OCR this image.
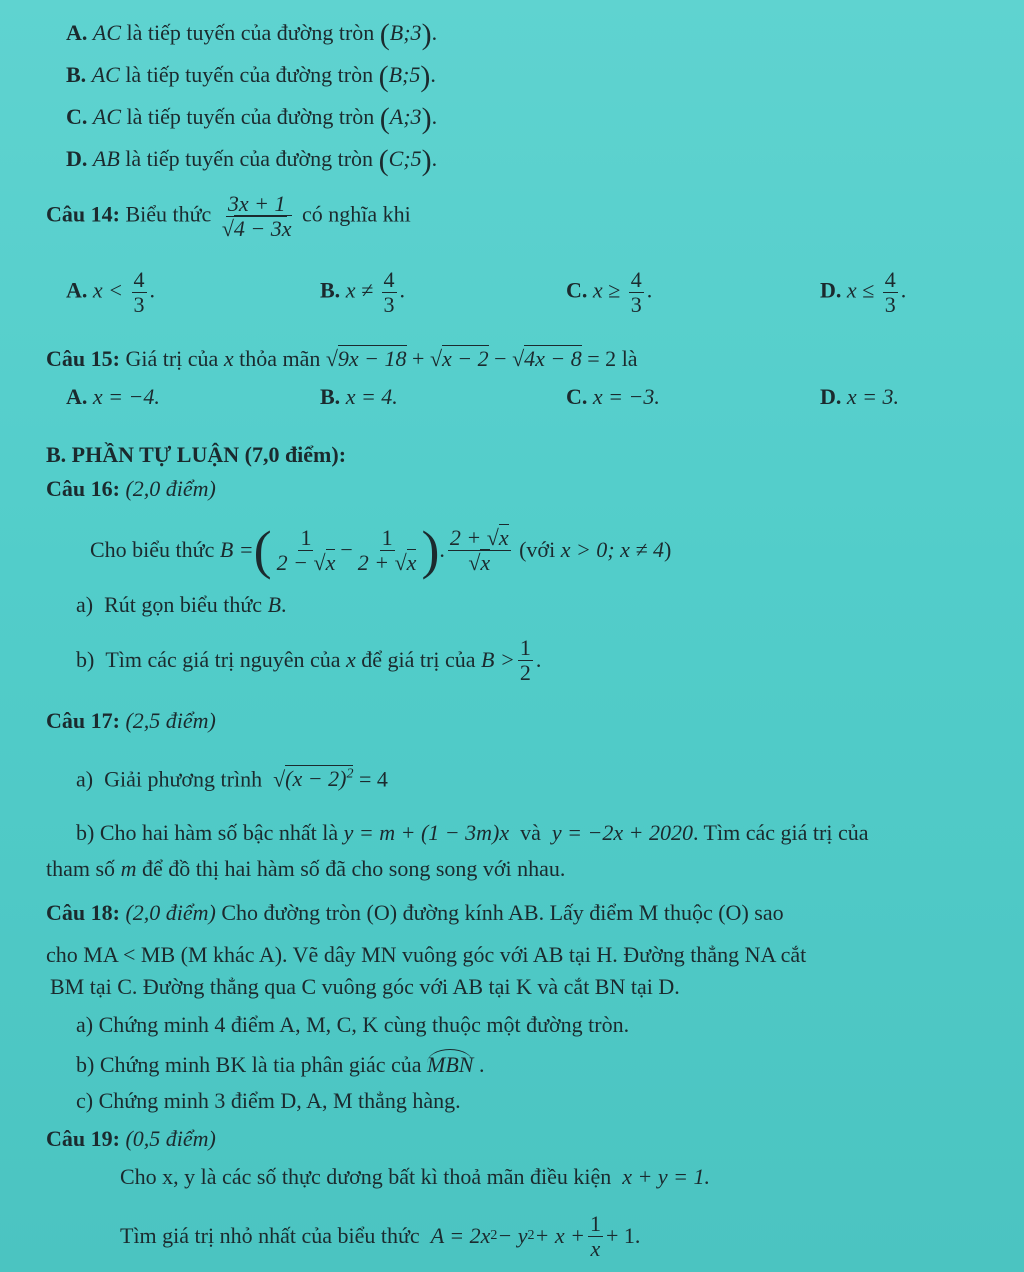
A. AC là tiếp tuyến của đường tròn (B;3).
B. AC là tiếp tuyến của đường tròn (B;5).
C. AC là tiếp tuyến của đường tròn (A;3).
D. AB là tiếp tuyến của đường tròn (C;5).
Câu 14: Biểu thức $\frac{3x + 1}{√4 - 3x}$ có nghĩa khi
A. $x < \frac{4}{3}$ .	B. $x \ne \frac{4}{3}$ .	C. $x \ge \frac{4}{3}$ .	D. $x \le \frac{4}{3}$ .
Câu 15: Giá trị của x thỏa mãn √9x − 18 + √x − 2 − √4x − 8 = 2 là
A. x = −4.	B. x = 4.	C. x = −3.	D. x = 3.
B. PHẦN TỰ LUẬN (7,0 điểm):
Câu 16: (2,0 điểm)
Cho biểu thức
B = ( $\frac{1}{2 - √x} - \frac{1}{2 + √x}$ ) . $\frac{2 + √x}{√x}$
(với
x > 0; x ≠ 4 )
a) Rút gọn biểu thức B.
b)
Tìm các giá trị nguyên của
x
để giá trị của
$B > \frac{1}{2}$ .
Câu 17: (2,5 điểm)
a) Giải phương trình  $√(x - 2)^2 = 4$
b) Cho hai hàm số bậc nhất là y = m + (1 − 3m)x và y = −2x + 2020. Tìm các giá trị của
tham số m để đồ thị hai hàm số đã cho song song với nhau.
Câu 18: (2,0 điểm) Cho đường tròn (O) đường kính AB. Lấy điểm M thuộc (O) sao
cho MA < MB (M khác A). Vẽ dây MN vuông góc với AB tại H. Đường thẳng NA cắt
BM tại C. Đường thẳng qua C vuông góc với AB tại K và cắt BN tại D.
a) Chứng minh 4 điểm A, M, C, K cùng thuộc một đường tròn.
b) Chứng minh BK là tia phân giác của MBN .
c) Chứng minh 3 điểm D, A, M thẳng hàng.
Câu 19: (0,5 điểm)
Cho x, y là các số thực dương bất kì thoả mãn điều kiện x + y = 1.
Tìm giá trị nhỏ nhất của biểu thức
A = 2x 2 − y $2 + x + \frac{1}{x} + 1$.
